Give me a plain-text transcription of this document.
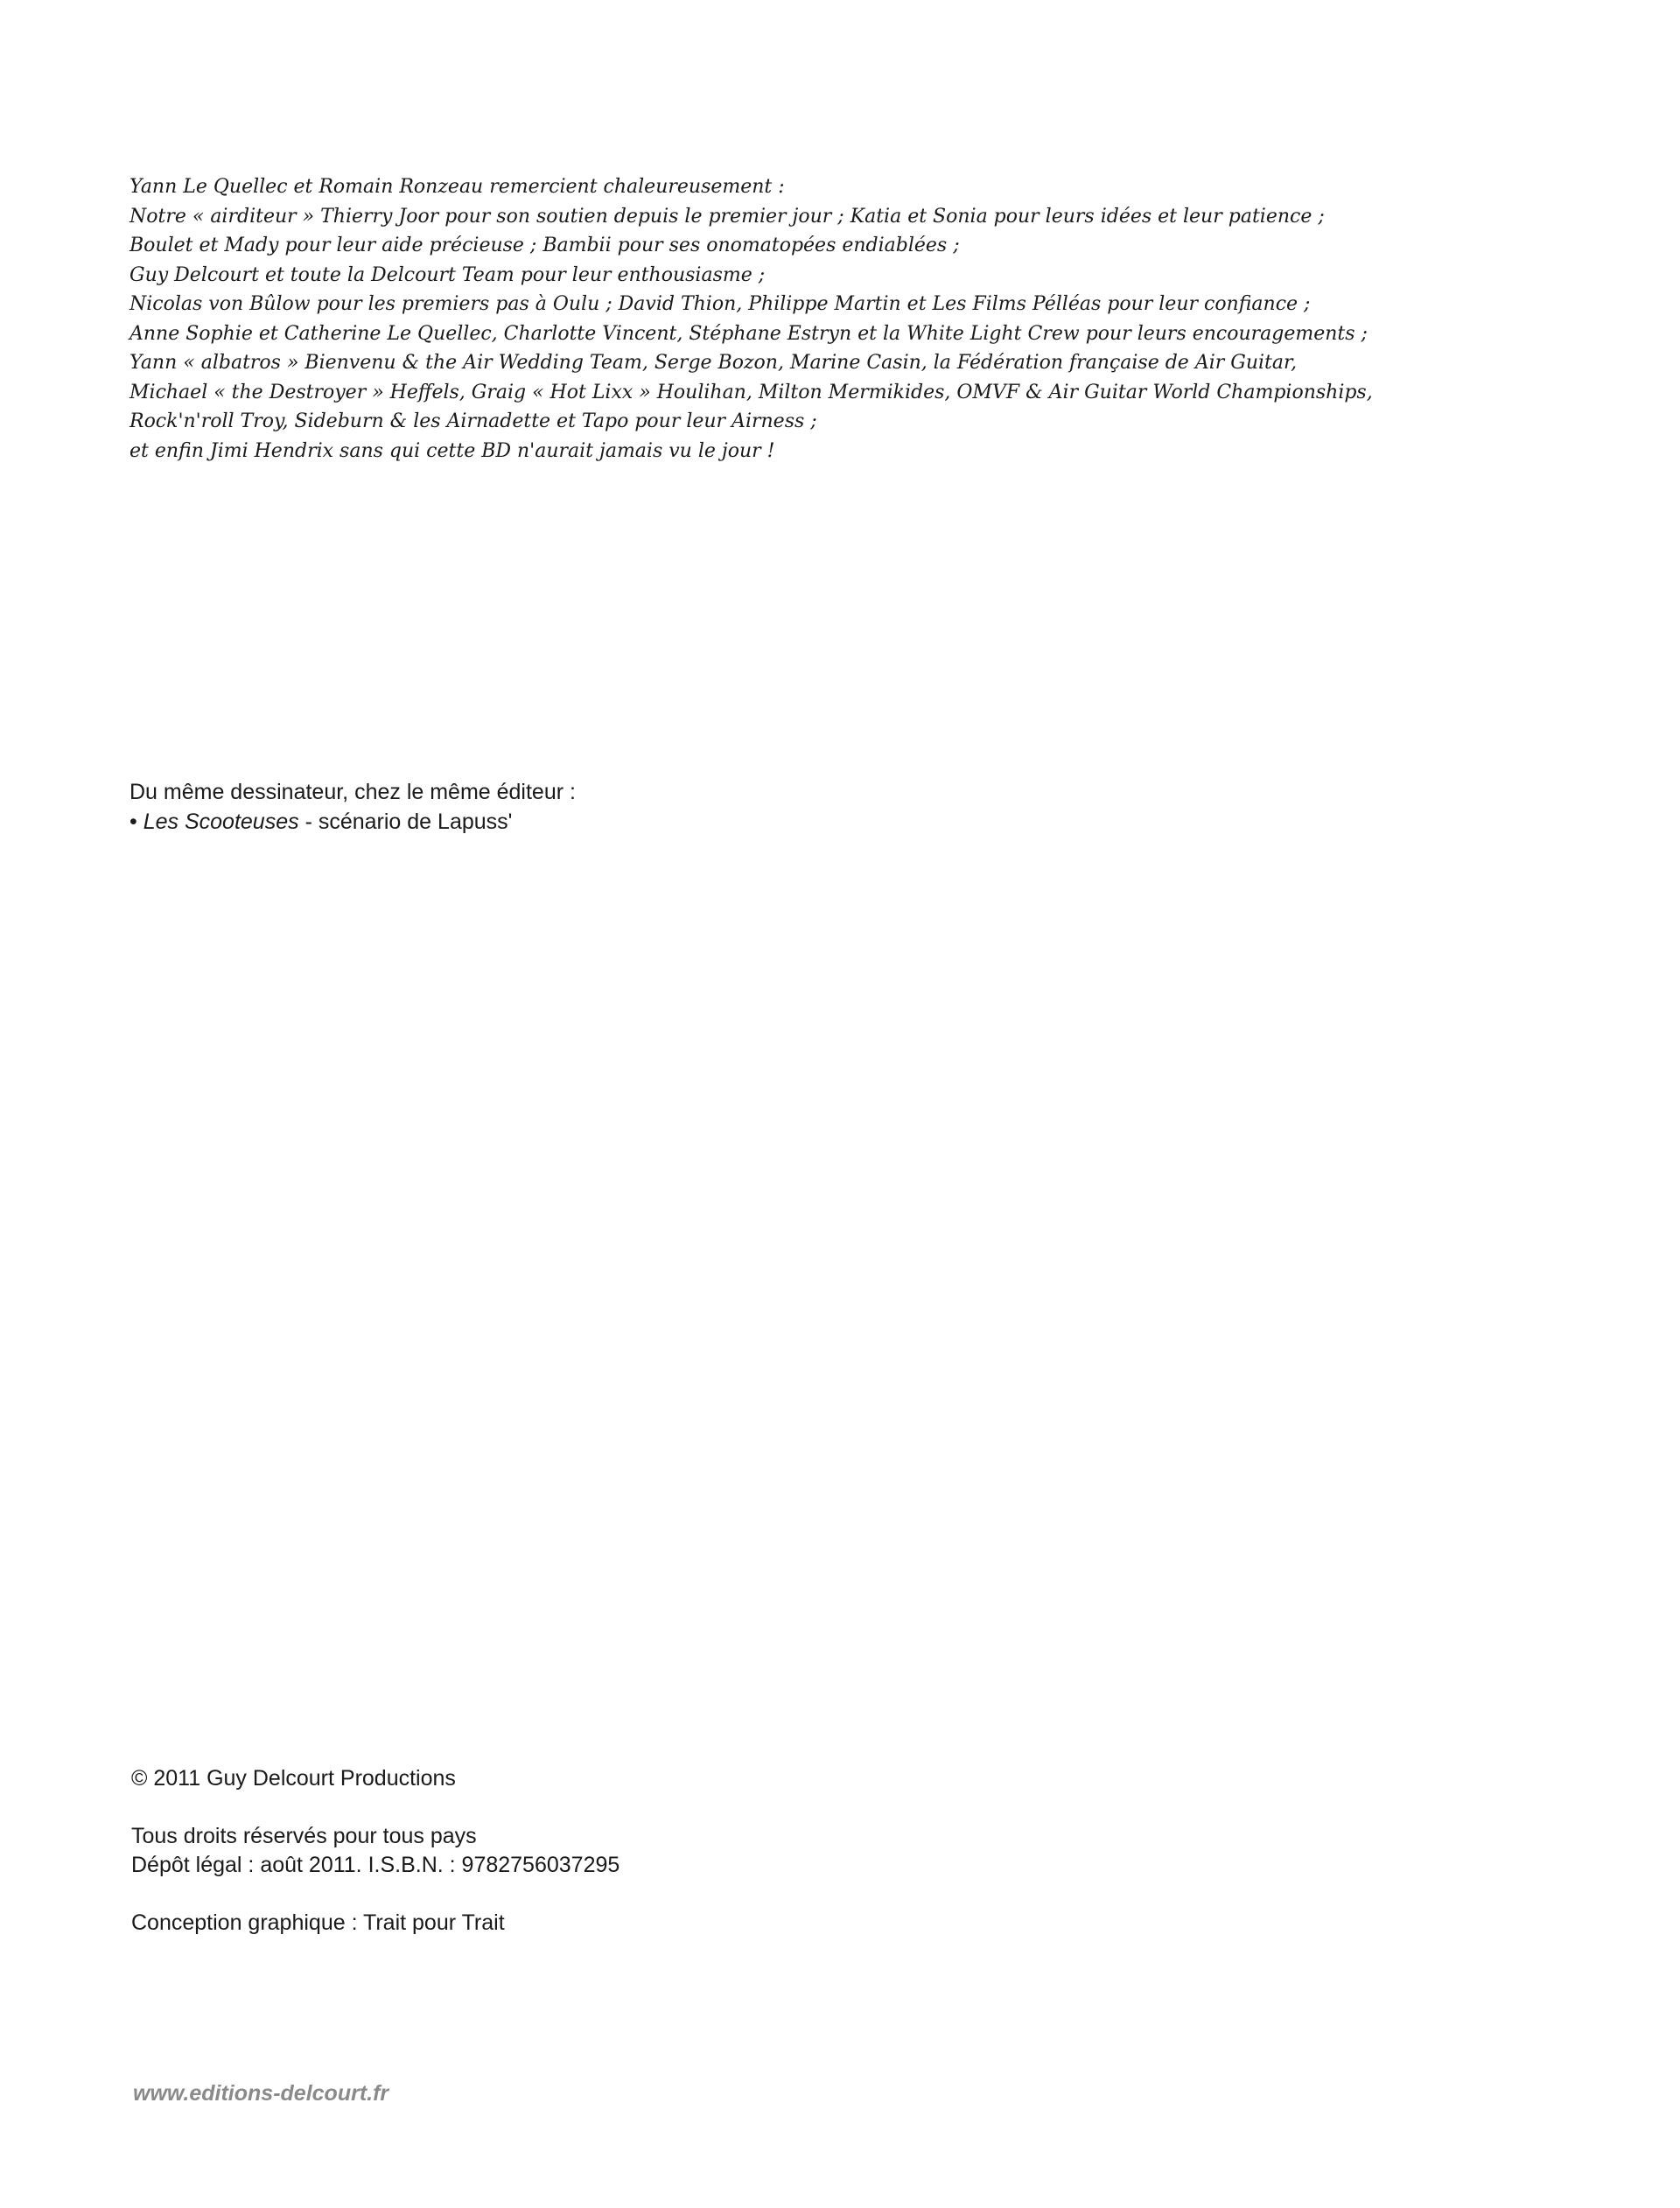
Yann Le Quellec et Romain Ronzeau remercient chaleureusement :
Notre « airditeur » Thierry Joor pour son soutien depuis le premier jour ; Katia et Sonia pour leurs idées et leur patience ;
Boulet et Mady pour leur aide précieuse ; Bambii pour ses onomatopées endiablées ;
Guy Delcourt et toute la Delcourt Team pour leur enthousiasme ;
Nicolas von Bûlow pour les premiers pas à Oulu ; David Thion, Philippe Martin et Les Films Pélléas pour leur confiance ;
Anne Sophie et Catherine Le Quellec, Charlotte Vincent, Stéphane Estryn et la White Light Crew pour leurs encouragements ;
Yann « albatros » Bienvenu & the Air Wedding Team, Serge Bozon, Marine Casin, la Fédération française de Air Guitar,
Michael « the Destroyer » Heffels, Graig « Hot Lixx » Houlihan, Milton Mermikides, OMVF & Air Guitar World Championships,
Rock'n'roll Troy, Sideburn & les Airnadette et Tapo pour leur Airness ;
et enfin Jimi Hendrix sans qui cette BD n'aurait jamais vu le jour !
Du même dessinateur, chez le même éditeur :
• Les Scooteuses - scénario de Lapuss'
© 2011 Guy Delcourt Productions
Tous droits réservés pour tous pays
Dépôt légal : août 2011. I.S.B.N. : 9782756037295
Conception graphique : Trait pour Trait
www.editions-delcourt.fr
